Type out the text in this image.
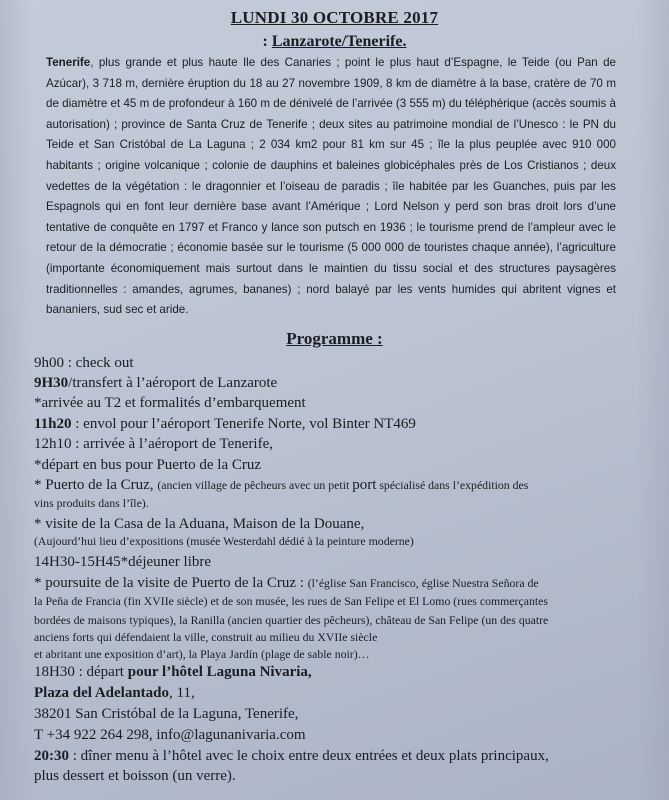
LUNDI 30 OCTOBRE 2017
: Lanzarote/Tenerife.
Tenerife, plus grande et plus haute Ile des Canaries ; point le plus haut d’Espagne, le Teide (ou Pan de Azúcar), 3 718 m, dernière éruption du 18 au 27 novembre 1909, 8 km de diamètre à la base, cratère de 70 m de diamètre et 45 m de profondeur à 160 m de dénivelé de l’arrivée (3 555 m) du téléphérique (accès soumis à autorisation) ; province de Santa Cruz de Tenerife ; deux sites au patrimoine mondial de l’Unesco : le PN du Teide et San Cristóbal de La Laguna ; 2 034 km2 pour 81 km sur 45 ; île la plus peuplée avec 910 000 habitants ; origine volcanique ; colonie de dauphins et baleines globicéphales près de Los Cristianos ; deux vedettes de la végétation : le dragonnier et l’oiseau de paradis ; île habitée par les Guanches, puis par les Espagnols qui en font leur dernière base avant l’Amérique ; Lord Nelson y perd son bras droit lors d’une tentative de conquête en 1797 et Franco y lance son putsch en 1936 ; le tourisme prend de l’ampleur avec le retour de la démocratie ; économie basée sur le tourisme (5 000 000 de touristes chaque année), l’agriculture (importante économiquement mais surtout dans le maintien du tissu social et des structures paysagères traditionnelles : amandes, agrumes, bananes) ; nord balayé par les vents humides qui abritent vignes et bananiers, sud sec et aride.
Programme :
9h00 : check out
9H30/transfert à l’aéroport de Lanzarote
*arrivée au T2 et formalités d’embarquement
11h20 : envol pour l’aéroport Tenerife Norte, vol Binter NT469
12h10 : arrivée à l’aéroport de Tenerife,
*départ en bus pour Puerto de la Cruz
* Puerto de la Cruz, (ancien village de pêcheurs avec un petit port spécialisé dans l’expédition des
vins produits dans l’île).
* visite de la Casa de la Aduana, Maison de la Douane,
(Aujourd’hui lieu d’expositions (musée Westerdahl dédié à la peinture moderne)
14H30-15H45*déjeuner libre
* poursuite de la visite de Puerto de la Cruz : (l’église San Francisco, église Nuestra Señora de
la Peña de Francia (fin XVIIe siècle) et de son musée, les rues de San Felipe et El Lomo (rues commerçantes
bordées de maisons typiques), la Ranilla (ancien quartier des pêcheurs), château de San Felipe (un des quatre
anciens forts qui défendaient la ville, construit au milieu du XVIIe siècle
et abritant une exposition d’art), la Playa Jardín (plage de sable noir)…
18H30 : départ pour l’hôtel Laguna Nivaria,
Plaza del Adelantado, 11,
38201 San Cristóbal de la Laguna, Tenerife,
T +34 922 264 298, info@lagunanivaria.com
20:30 : dîner menu à l’hôtel avec le choix entre deux entrées et deux plats principaux,
plus dessert et boisson (un verre).
